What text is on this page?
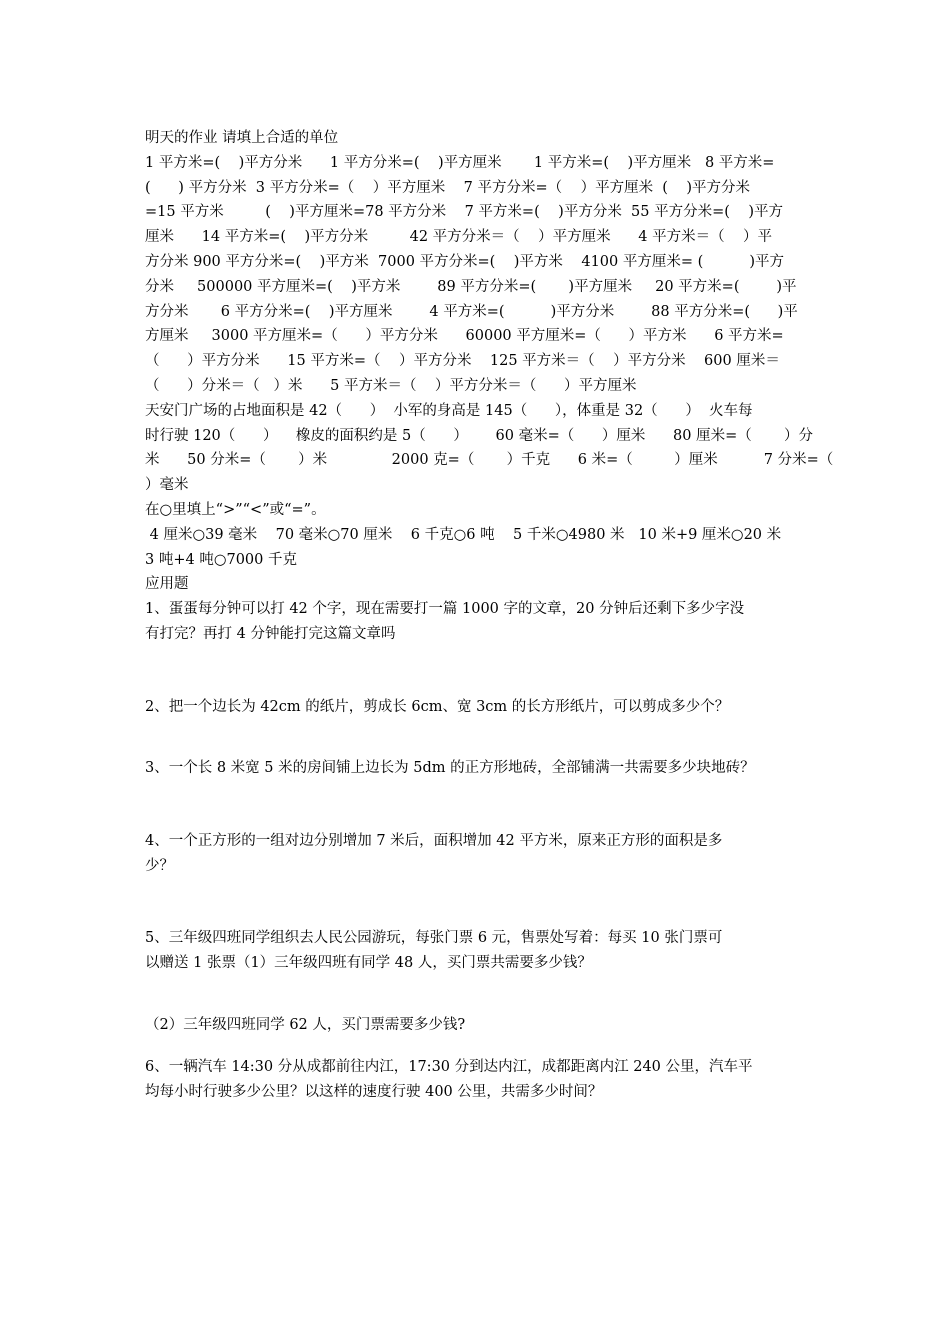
明天的作业 请填上合适的单位
1 平方米=(    )平方分米      1 平方分米=(    )平方厘米       1 平方米=(    )平方厘米   8 平方米=
(      ) 平方分米  3 平方分米=（    ）平方厘米    7 平方分米=（    ）平方厘米  (    )平方分米
=15 平方米         (    )平方厘米=78 平方分米    7 平方米=(    )平方分米  55 平方分米=(    )平方
厘米      14 平方米=(    )平方分米         42 平方分米＝（    ）平方厘米      4 平方米＝（    ）平
方分米 900 平方分米=(    )平方米  7000 平方分米=(    )平方米    4100 平方厘米= (          )平方
分米     500000 平方厘米=(    )平方米        89 平方分米=(       )平方厘米     20 平方米=(        )平
方分米       6 平方分米=(    )平方厘米        4 平方米=(          )平方分米        88 平方分米=(      )平
方厘米     3000 平方厘米=（      ）平方分米      60000 平方厘米=（      ）平方米      6 平方米=
（      ）平方分米      15 平方米=（    ）平方分米    125 平方米＝（    ）平方分米    600 厘米＝
（      ）分米＝（   ）米      5 平方米＝（    ）平方分米＝（      ）平方厘米
天安门广场的占地面积是 42（      ）  小军的身高是 145（      ），体重是 32（      ）  火车每
时行驶 120（      ）    橡皮的面积约是 5（      ）      60 毫米=（      ）厘米      80 厘米=（       ）分
米      50 分米=（       ）米              2000 克=（       ）千克      6 米=（         ）厘米          7 分米=（
）毫米
在○里填上“>”“<”或“=”。
4 厘米○39 毫米    70 毫米○70 厘米    6 千克○6 吨    5 千米○4980 米   10 米+9 厘米○20 米
3 吨+4 吨○7000 千克
应用题
1、蛋蛋每分钟可以打 42 个字，现在需要打一篇 1000 字的文章，20 分钟后还剩下多少字没
有打完？再打 4 分钟能打完这篇文章吗
2、把一个边长为 42cm 的纸片，剪成长 6cm、宽 3cm 的长方形纸片，可以剪成多少个？
3、一个长 8 米宽 5 米的房间铺上边长为 5dm 的正方形地砖，全部铺满一共需要多少块地砖？
4、一个正方形的一组对边分别增加 7 米后，面积增加 42 平方米，原来正方形的面积是多
少？
5、三年级四班同学组织去人民公园游玩，每张门票 6 元，售票处写着：每买 10 张门票可
以赠送 1 张票（1）三年级四班有同学 48 人，买门票共需要多少钱？
（2）三年级四班同学 62 人，买门票需要多少钱?
6、一辆汽车 14:30 分从成都前往内江，17:30 分到达内江，成都距离内江 240 公里，汽车平
均每小时行驶多少公里？以这样的速度行驶 400 公里，共需多少时间？
